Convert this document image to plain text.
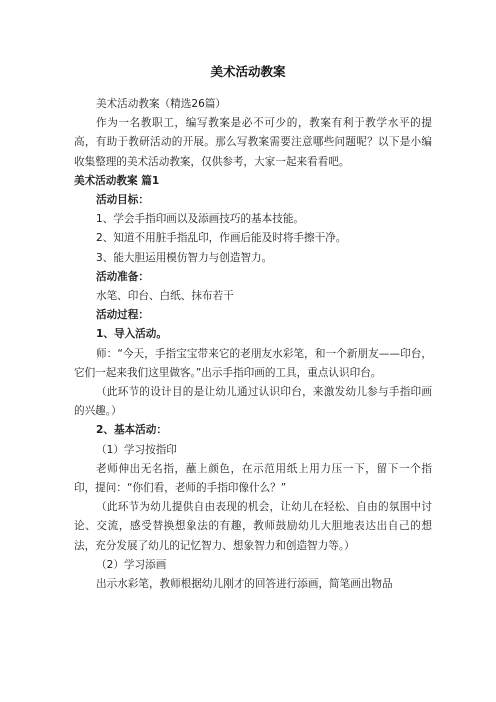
美术活动教案

美术活动教案（精选26篇）

作为一名教职工，编写教案是必不可少的，教案有利于教学水平的提高，有助于教研活动的开展。那么写教案需要注意哪些问题呢？以下是小编收集整理的美术活动教案，仅供参考，大家一起来看看吧。

美术活动教案 篇1

活动目标：

1、学会手指印画以及添画技巧的基本技能。

2、知道不用脏手指乱印，作画后能及时将手擦干净。

3、能大胆运用模仿智力与创造智力。

活动准备：

水笔、印台、白纸、抹布若干

活动过程：

1、导入活动。

师：“今天，手指宝宝带来它的老朋友水彩笔，和一个新朋友——印台，它们一起来我们这里做客。”出示手指印画的工具，重点认识印台。

（此环节的设计目的是让幼儿通过认识印台，来激发幼儿参与手指印画的兴趣。）

2、基本活动：

（1）学习按指印

老师伸出无名指，蘸上颜色，在示范用纸上用力压一下，留下一个指印，提问：“你们看，老师的手指印像什么？”

（此环节为幼儿提供自由表现的机会，让幼儿在轻松、自由的氛围中讨论、交流，感受替换想象法的有趣，教师鼓励幼儿大胆地表达出自己的想法，充分发展了幼儿的记忆智力、想象智力和创造智力等。）

（2）学习添画

出示水彩笔，教师根据幼儿刚才的回答进行添画，简笔画出物品
